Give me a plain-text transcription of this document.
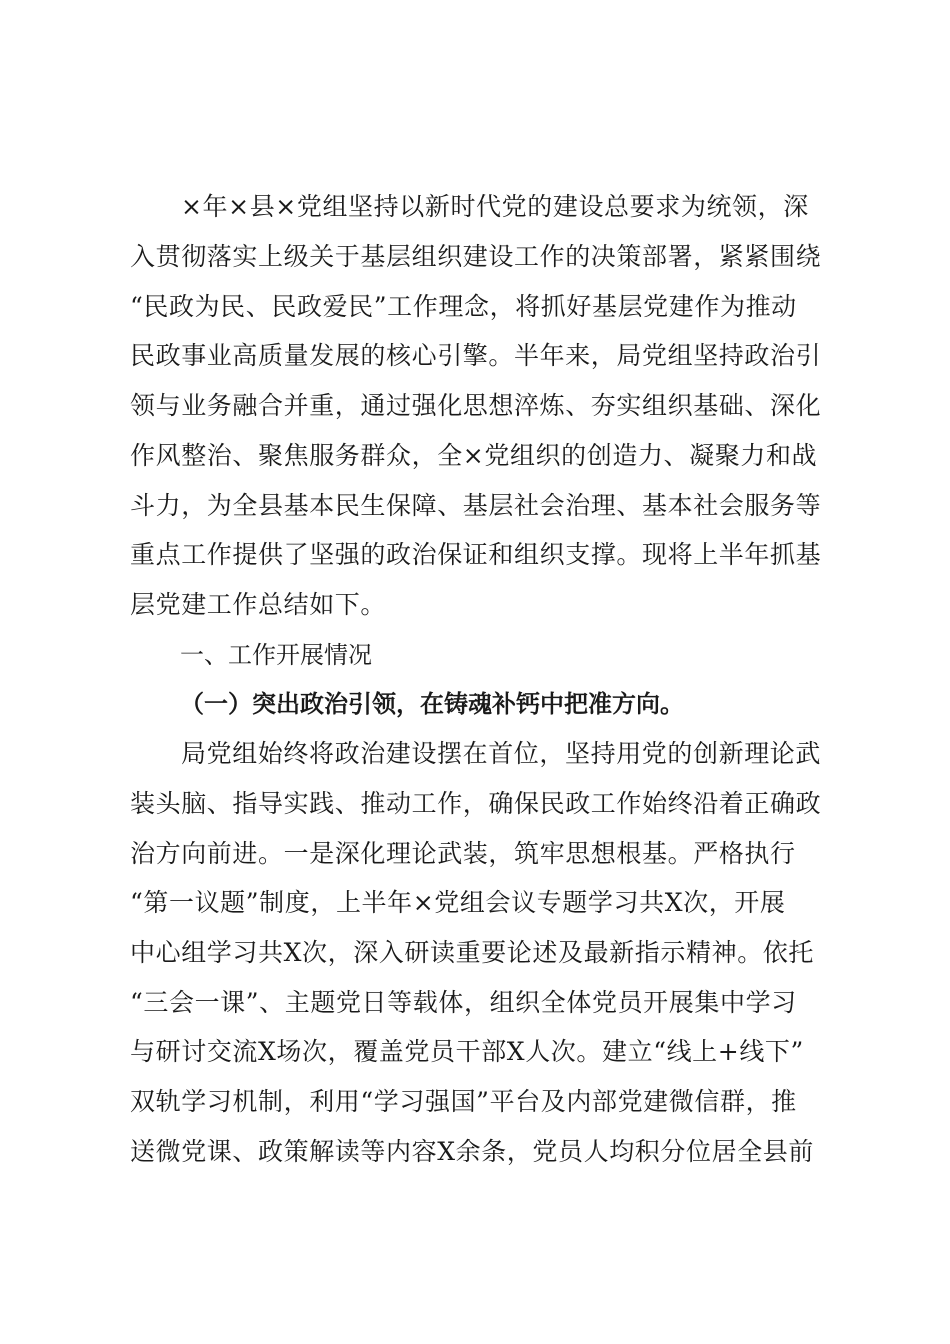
×年×县×党组坚持以新时代党的建设总要求为统领，深
入贯彻落实上级关于基层组织建设工作的决策部署，紧紧围绕
“民政为民、民政爱民”工作理念，将抓好基层党建作为推动
民政事业高质量发展的核心引擎。半年来，局党组坚持政治引
领与业务融合并重，通过强化思想淬炼、夯实组织基础、深化
作风整治、聚焦服务群众，全×党组织的创造力、凝聚力和战
斗力，为全县基本民生保障、基层社会治理、基本社会服务等
重点工作提供了坚强的政治保证和组织支撑。现将上半年抓基
层党建工作总结如下。
一、工作开展情况
（一）突出政治引领，在铸魂补钙中把准方向。
局党组始终将政治建设摆在首位，坚持用党的创新理论武
装头脑、指导实践、推动工作，确保民政工作始终沿着正确政
治方向前进。一是深化理论武装，筑牢思想根基。严格执行
“第一议题”制度，上半年×党组会议专题学习共X次，开展
中心组学习共X次，深入研读重要论述及最新指示精神。依托
“三会一课”、主题党日等载体，组织全体党员开展集中学习
与研讨交流X场次，覆盖党员干部X人次。建立“线上+线下”
双轨学习机制，利用“学习强国”平台及内部党建微信群，推
送微党课、政策解读等内容X余条，党员人均积分位居全县前
